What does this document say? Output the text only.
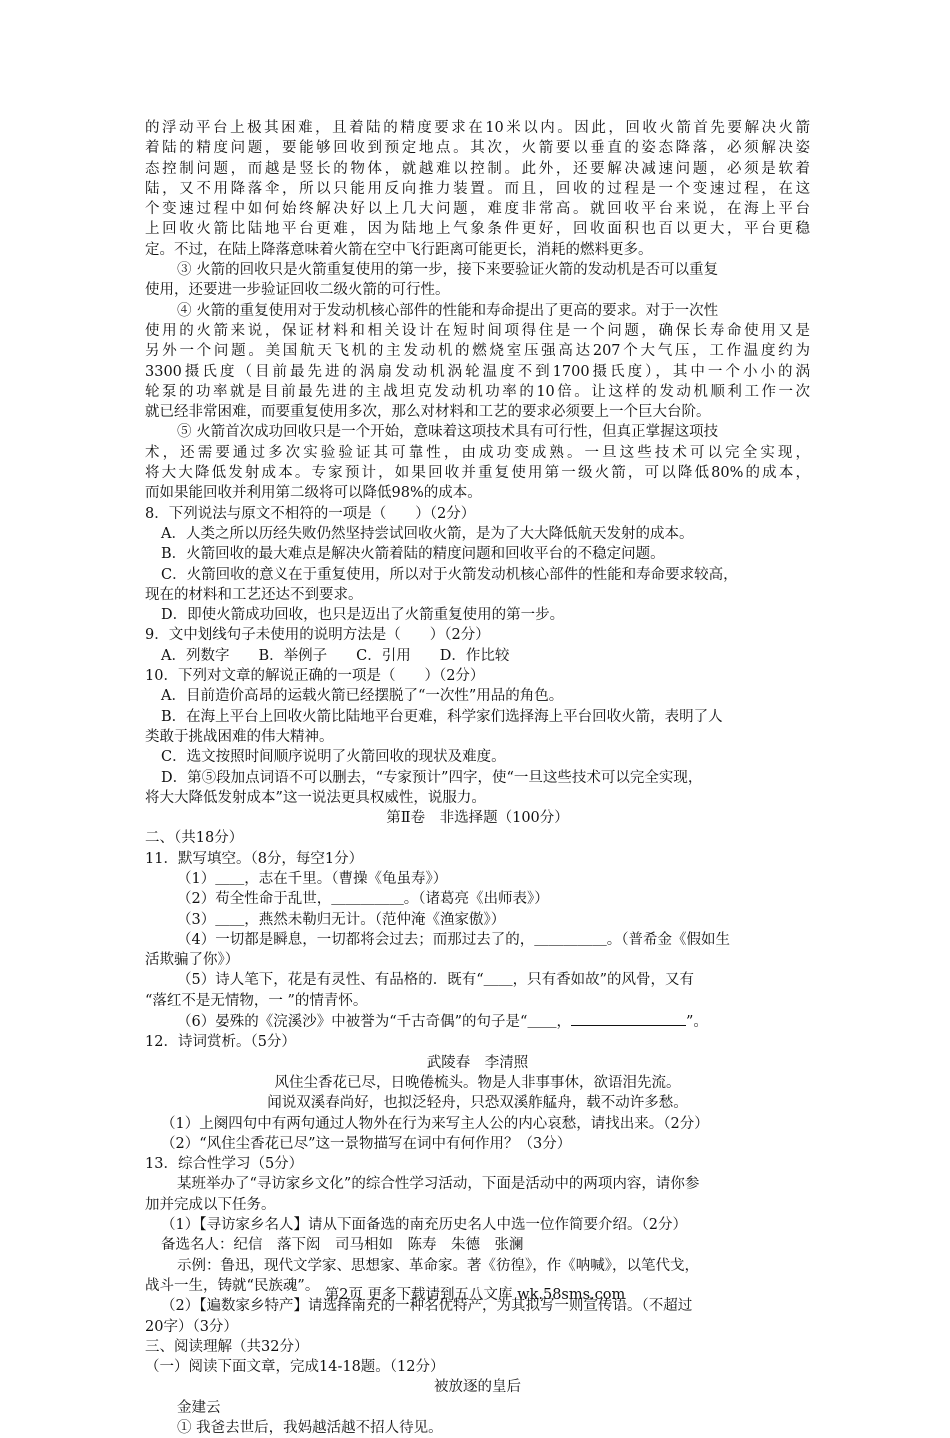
的浮动平台上极其困难，且着陆的精度要求在10米以内。因此，回收火箭首先要解决火箭
着陆的精度问题，要能够回收到预定地点。其次，火箭要以垂直的姿态降落，必须解决姿
态控制问题，而越是竖长的物体，就越难以控制。此外，还要解决减速问题，必须是软着
陆，又不用降落伞，所以只能用反向推力装置。而且，回收的过程是一个变速过程，在这
个变速过程中如何始终解决好以上几大问题，难度非常高。就回收平台来说，在海上平台
上回收火箭比陆地平台更难，因为陆地上气象条件更好，回收面积也百以更大，平台更稳
定。不过，在陆上降落意味着火箭在空中飞行距离可能更长，消耗的燃料更多。
③ 火箭的回收只是火箭重复使用的第一步，接下来要验证火箭的发动机是否可以重复
使用，还要进一步验证回收二级火箭的可行性。
④ 火箭的重复使用对于发动机核心部件的性能和寿命提出了更高的要求。对于一次性
使用的火箭来说，保证材料和相关设计在短时间项得住是一个问题，确保长寿命使用又是
另外一个问题。美国航天飞机的主发动机的燃烧室压强高达207个大气压，工作温度约为
3300摄氏度（目前最先进的涡扇发动机涡轮温度不到1700摄氏度），其中一个小小的涡
轮泵的功率就是目前最先进的主战坦克发动机功率的10倍。让这样的发动机顺利工作一次
就已经非常困难，而要重复使用多次，那么对材料和工艺的要求必须要上一个巨大台阶。
⑤ 火箭首次成功回收只是一个开始，意味着这项技术具有可行性，但真正掌握这项技
术，还需要通过多次实验验证其可靠性，由成功变成熟。一旦这些技术可以完全实现，
将大大降低发射成本。专家预计，如果回收并重复使用第一级火箭，可以降低80%的成本，
而如果能回收并利用第二级将可以降低98%的成本。
8．下列说法与原文不相符的一项是（　　）（2分）
A．人类之所以历经失败仍然坚持尝试回收火箭，是为了大大降低航天发射的成本。
B．火箭回收的最大难点是解决火箭着陆的精度问题和回收平台的不稳定问题。
C．火箭回收的意义在于重复使用，所以对于火箭发动机核心部件的性能和寿命要求较高，
现在的材料和工艺还达不到要求。
D．即使火箭成功回收，也只是迈出了火箭重复使用的第一步。
9．文中划线句子未使用的说明方法是（　　）（2分）
A．列数字　　B．举例子　　C．引用　　D．作比较
10．下列对文章的解说正确的一项是（　　）（2分）
A．目前造价高昂的运载火箭已经摆脱了“一次性”用品的角色。
B．在海上平台上回收火箭比陆地平台更难，科学家们选择海上平台回收火箭，表明了人
类敢于挑战困难的伟大精神。
C．选文按照时间顺序说明了火箭回收的现状及难度。
D．第⑤段加点词语不可以删去，“专家预计”四字，使“一旦这些技术可以完全实现，
将大大降低发射成本”这一说法更具权威性，说服力。
第Ⅱ卷　非选择题（100分）
二、（共18分）
11．默写填空。（8分，每空1分）
（1）＿＿，志在千里。（曹操《龟虽寿》）
（2）苟全性命于乱世，＿＿＿＿＿。（诸葛亮《出师表》）
（3）＿＿，燕然未勒归无计。（范仲淹《渔家傲》）
（4）一切都是瞬息，一切都将会过去；而那过去了的，＿＿＿＿＿。（普希金《假如生
活欺骗了你》）
（5）诗人笔下，花是有灵性、有品格的．既有“＿＿，只有香如故”的风骨，又有
“落红不是无情物，一 ”的情青怀。
（6）晏殊的《浣溪沙》中被誉为“千古奇偶”的句子是“＿＿，	”。
12．诗词赏析。（5分）
武陵春　李清照
风住尘香花已尽，日晚倦梳头。物是人非事事休，欲语泪先流。
闻说双溪春尚好，也拟泛轻舟，只恐双溪舴艋舟，载不动许多愁。
（1）上阕四句中有两句通过人物外在行为来写主人公的内心哀愁，请找出来。（2分）
（2）“风住尘香花已尽”这一景物描写在词中有何作用？（3分）
13．综合性学习（5分）
某班举办了“寻访家乡文化”的综合性学习活动，下面是活动中的两项内容，请你参
加并完成以下任务。
（1）【寻访家乡名人】请从下面备选的南充历史名人中选一位作简要介绍。（2分）
备选名人：纪信　落下闳　司马相如　陈寿　朱德　张澜
示例：鲁迅，现代文学家、思想家、革命家。著《彷徨》，作《呐喊》，以笔代戈，
战斗一生，铸就“民族魂”。
（2）【遍数家乡特产】请选择南充的一种名优特产，为其拟写一则宣传语。（不超过
20字）（3分）
三、阅读理解（共32分）
（一）阅读下面文章，完成14-18题。（12分）
被放逐的皇后
金建云
① 我爸去世后，我妈越活越不招人待见。
第2页 更多下载请到五八文库 wk.58sms.com
